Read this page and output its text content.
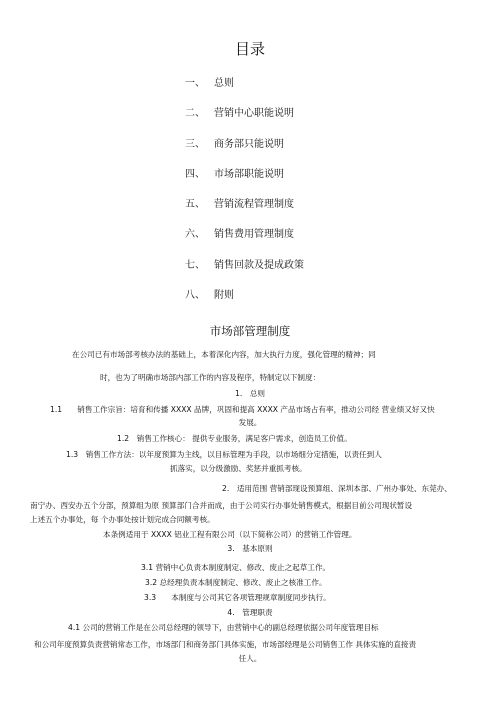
目录
一、 总则
二、 营销中心职能说明
三、 商务部只能说明
四、 市场部职能说明
五、 营销流程管理制度
六、 销售费用管理制度
七、 销售回款及提成政策
八、 附则
市场部管理制度
在公司已有市场部考核办法的基础上，本着深化内容，加大执行力度，强化管理的精神；同
时，也为了明确市场部内部工作的内容及程序，特制定以下制度：
1.　总则
1.1　　销售工作宗旨：培育和传播 XXXX 品牌，巩固和提高 XXXX 产品市场占有率，推动公司经 营业绩又好又快
发展。
1.2　销售工作核心： 提供专业服务，满足客户需求，创造员工价值。
1.3　销售工作方法：以年度预算为主线，以目标管理为手段，以市场细分定措施，以责任到人
抓落实，以分级激励、奖惩并重抓考核。
2.　适用范围 营销部现设预算组、深圳本部、广州办事处、东莞办、
南宁办、西安办五个分部，预算组为原 预算部门合并而成，由于公司实行办事处销售模式，根据目前公司现状暂设
上述五个办事处，每 个办事处按计划完成合同额考核。
本条例适用于 XXXX 铝业工程有限公司（以下简称公司）的营销工作管理。
3.　基本原则
3.1 营销中心负责本制度制定、修改、废止之起草工作。
3.2 总经理负责本制度制定、修改、废止之核准工作。
3.3　　本制度与公司其它各项管理规章制度同步执行。
4.　管理职责
4.1 公司的营销工作是在公司总经理的领导下，由营销中心的副总经理依据公司年度管理目标
和公司年度预算负责营销常态工作，市场部门和商务部门具体实施，市场部经理是公司销售工作 具体实施的直接责
任人。
